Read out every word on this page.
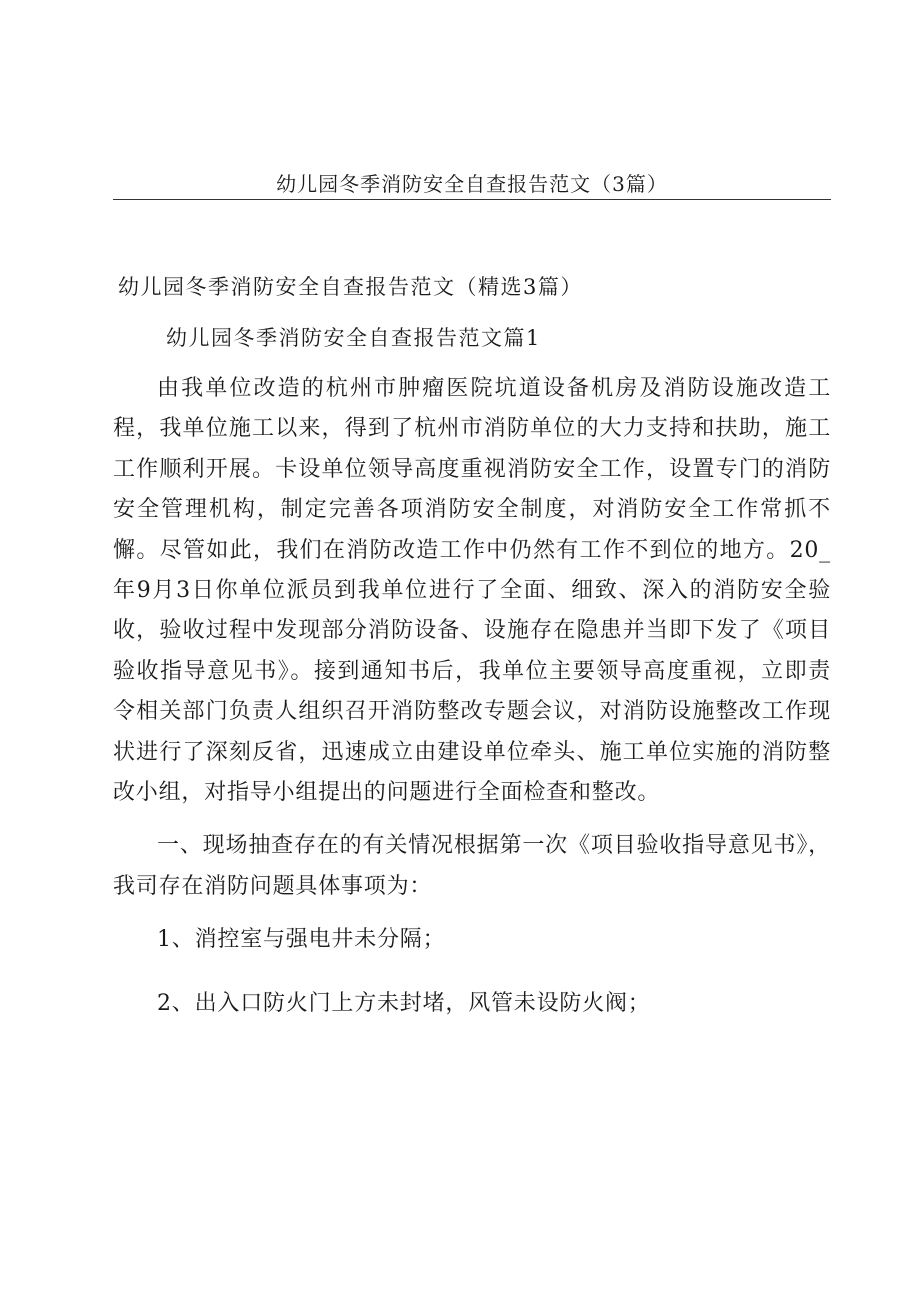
幼儿园冬季消防安全自查报告范文（3篇）
幼儿园冬季消防安全自查报告范文（精选3篇）
幼儿园冬季消防安全自查报告范文篇1

由我单位改造的杭州市肿瘤医院坑道设备机房及消防设施改造工程，我单位施工以来，得到了杭州市消防单位的大力支持和扶助，施工工作顺利开展。卡设单位领导高度重视消防安全工作，设置专门的消防安全管理机构，制定完善各项消防安全制度，对消防安全工作常抓不懈。尽管如此，我们在消防改造工作中仍然有工作不到位的地方。20_年9月3日你单位派员到我单位进行了全面、细致、深入的消防安全验收，验收过程中发现部分消防设备、设施存在隐患并当即下发了《项目验收指导意见书》。接到通知书后，我单位主要领导高度重视，立即责令相关部门负责人组织召开消防整改专题会议，对消防设施整改工作现状进行了深刻反省，迅速成立由建设单位牵头、施工单位实施的消防整改小组，对指导小组提出的问题进行全面检查和整改。

一、现场抽查存在的有关情况根据第一次《项目验收指导意见书》，我司存在消防问题具体事项为：

1、消控室与强电井未分隔；

2、出入口防火门上方未封堵，风管未设防火阀；
